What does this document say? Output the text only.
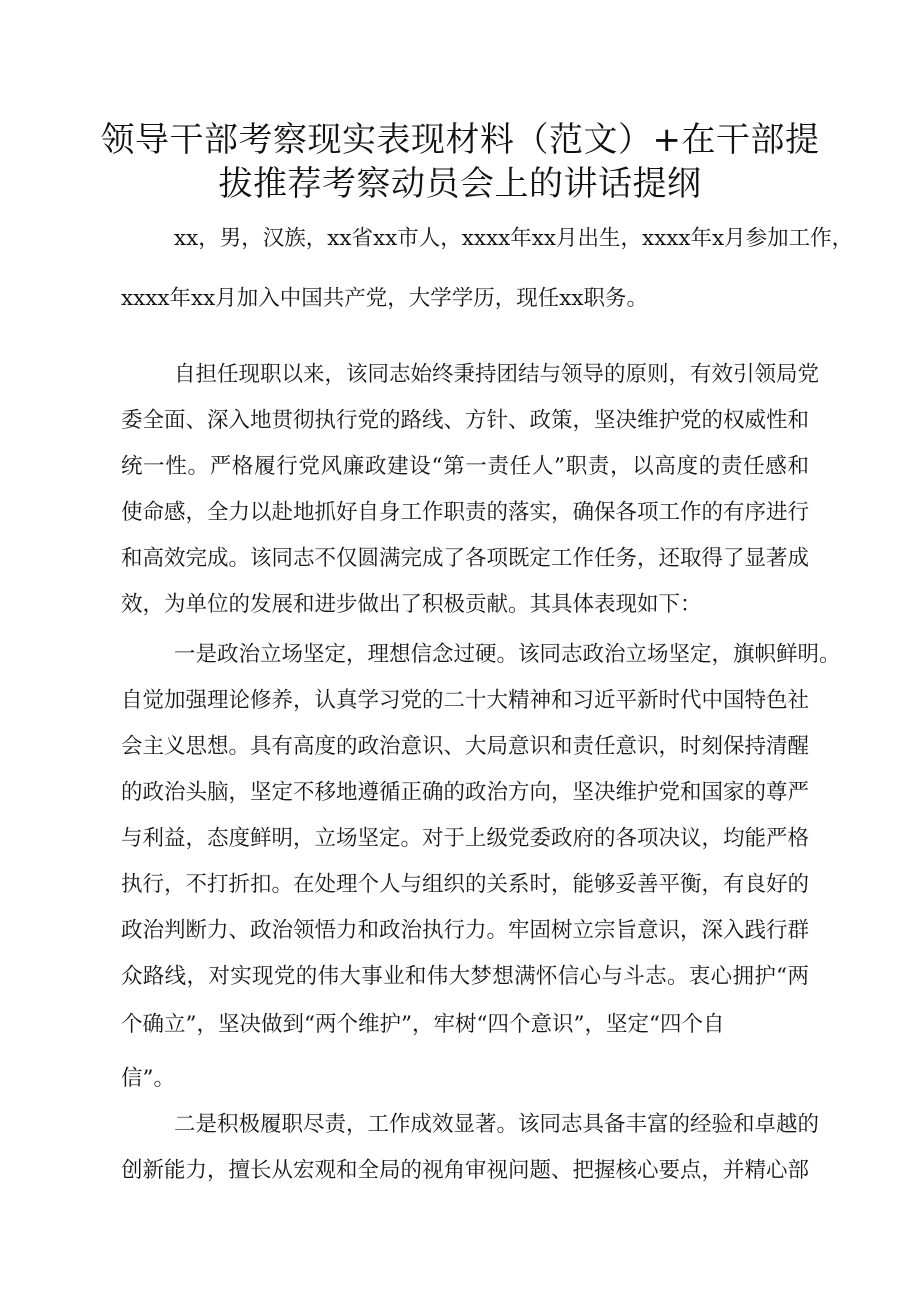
领导干部考察现实表现材料（范文）+在干部提
拔推荐考察动员会上的讲话提纲

xx，男，汉族，xx省xx市人，xxxx年xx月出生，xxxx年x月参加工作，

xxxx年xx月加入中国共产党，大学学历，现任xx职务。

自担任现职以来，该同志始终秉持团结与领导的原则，有效引领局党

委全面、深入地贯彻执行党的路线、方针、政策，坚决维护党的权威性和

统一性。严格履行党风廉政建设“第一责任人”职责，以高度的责任感和

使命感，全力以赴地抓好自身工作职责的落实，确保各项工作的有序进行

和高效完成。该同志不仅圆满完成了各项既定工作任务，还取得了显著成

效，为单位的发展和进步做出了积极贡献。其具体表现如下：

一是政治立场坚定，理想信念过硬。该同志政治立场坚定，旗帜鲜明。

自觉加强理论修养，认真学习党的二十大精神和习近平新时代中国特色社

会主义思想。具有高度的政治意识、大局意识和责任意识，时刻保持清醒

的政治头脑，坚定不移地遵循正确的政治方向，坚决维护党和国家的尊严

与利益，态度鲜明，立场坚定。对于上级党委政府的各项决议，均能严格

执行，不打折扣。在处理个人与组织的关系时，能够妥善平衡，有良好的

政治判断力、政治领悟力和政治执行力。牢固树立宗旨意识，深入践行群

众路线，对实现党的伟大事业和伟大梦想满怀信心与斗志。衷心拥护“两

个确立”，坚决做到“两个维护”，牢树“四个意识”，坚定“四个自

信”。

二是积极履职尽责，工作成效显著。该同志具备丰富的经验和卓越的

创新能力，擅长从宏观和全局的视角审视问题、把握核心要点，并精心部
